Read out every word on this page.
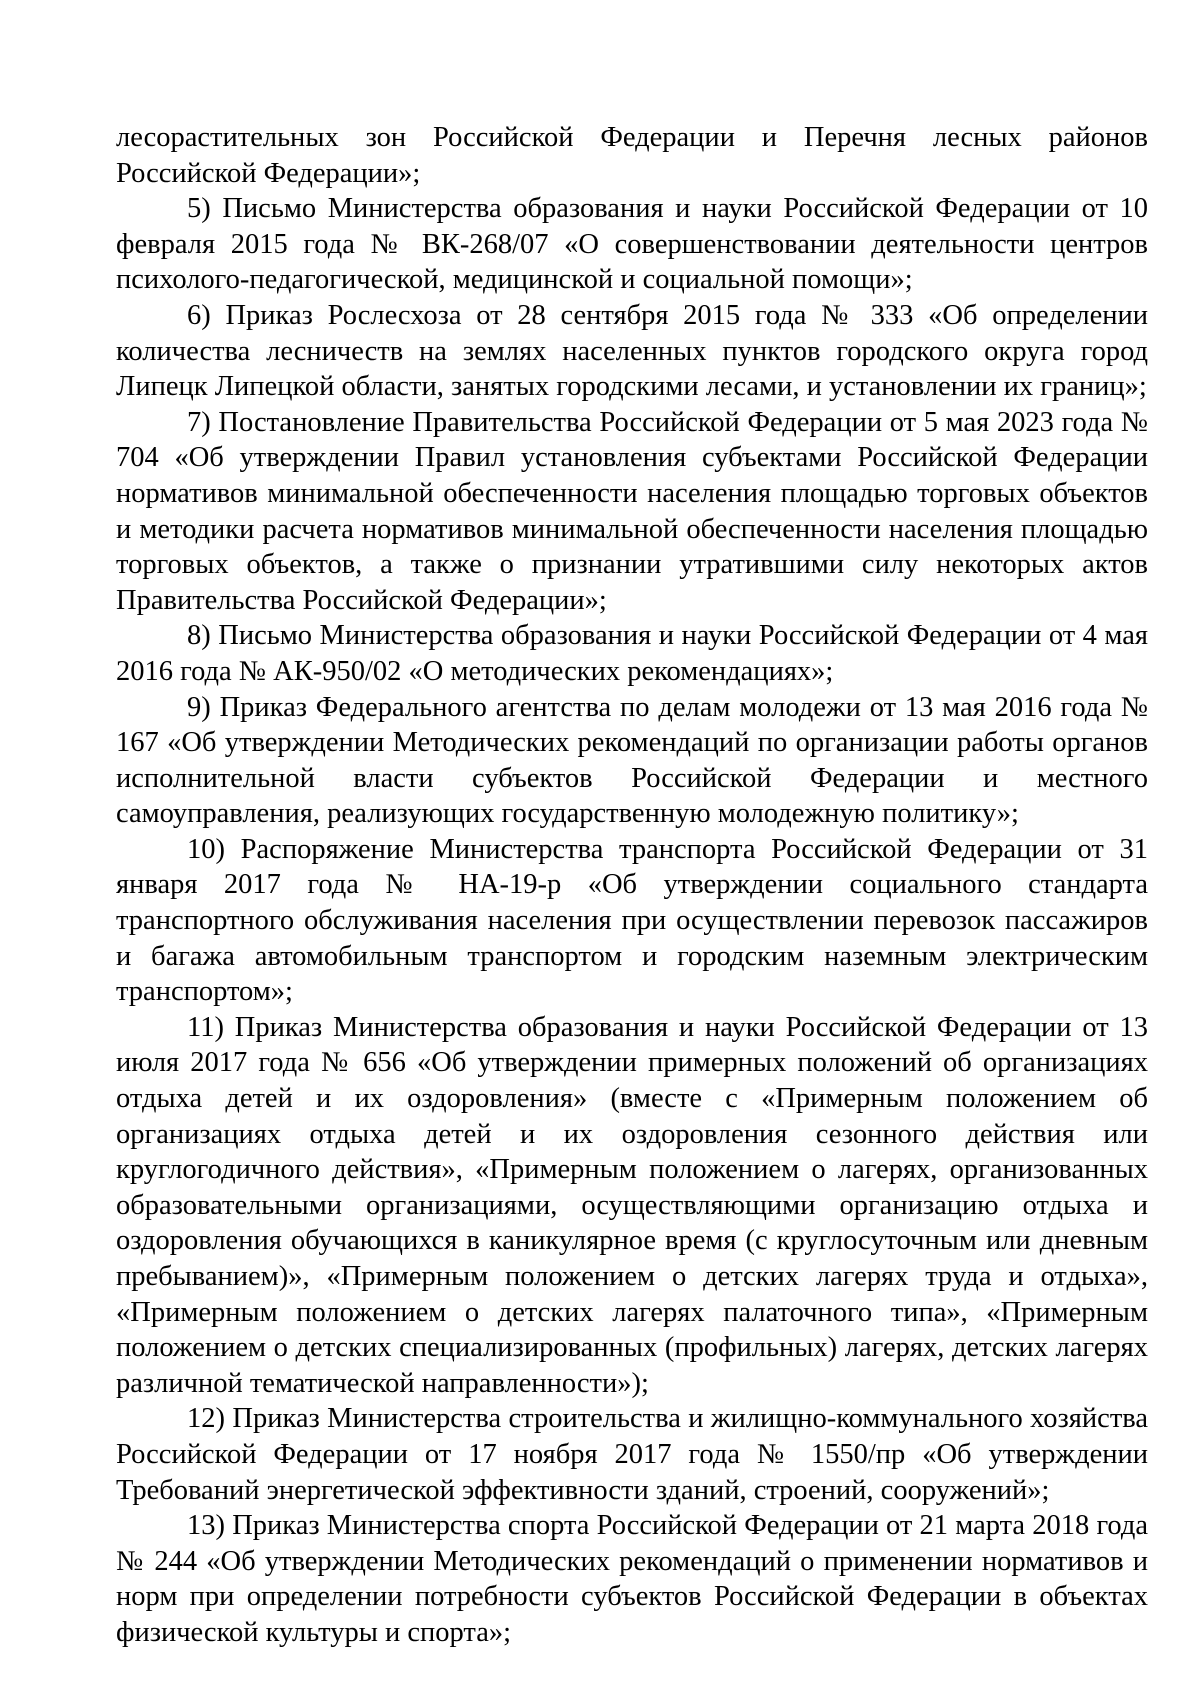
лесорастительных зон Российской Федерации и Перечня лесных районов Российской Федерации»;

5) Письмо Министерства образования и науки Российской Федерации от 10 февраля 2015 года № ВК-268/07 «О совершенствовании деятельности центров психолого-педагогической, медицинской и социальной помощи»;

6) Приказ Рослесхоза от 28 сентября 2015 года № 333 «Об определении количества лесничеств на землях населенных пунктов городского округа город Липецк Липецкой области, занятых городскими лесами, и установлении их границ»;

7) Постановление Правительства Российской Федерации от 5 мая 2023 года № 704 «Об утверждении Правил установления субъектами Российской Федерации нормативов минимальной обеспеченности населения площадью торговых объектов и методики расчета нормативов минимальной обеспеченности населения площадью торговых объектов, а также о признании утратившими силу некоторых актов Правительства Российской Федерации»;

8) Письмо Министерства образования и науки Российской Федерации от 4 мая 2016 года № АК-950/02 «О методических рекомендациях»;

9) Приказ Федерального агентства по делам молодежи от 13 мая 2016 года № 167 «Об утверждении Методических рекомендаций по организации работы органов исполнительной власти субъектов Российской Федерации и местного самоуправления, реализующих государственную молодежную политику»;

10) Распоряжение Министерства транспорта Российской Федерации от 31 января 2017 года № НА-19-р «Об утверждении социального стандарта транспортного обслуживания населения при осуществлении перевозок пассажиров и багажа автомобильным транспортом и городским наземным электрическим транспортом»;

11) Приказ Министерства образования и науки Российской Федерации от 13 июля 2017 года № 656 «Об утверждении примерных положений об организациях отдыха детей и их оздоровления» (вместе с «Примерным положением об организациях отдыха детей и их оздоровления сезонного действия или круглогодичного действия», «Примерным положением о лагерях, организованных образовательными организациями, осуществляющими организацию отдыха и оздоровления обучающихся в каникулярное время (с круглосуточным или дневным пребыванием)», «Примерным положением о детских лагерях труда и отдыха», «Примерным положением о детских лагерях палаточного типа», «Примерным положением о детских специализированных (профильных) лагерях, детских лагерях различной тематической направленности»);

12) Приказ Министерства строительства и жилищно-коммунального хозяйства Российской Федерации от 17 ноября 2017 года № 1550/пр «Об утверждении Требований энергетической эффективности зданий, строений, сооружений»;

13) Приказ Министерства спорта Российской Федерации от 21 марта 2018 года № 244 «Об утверждении Методических рекомендаций о применении нормативов и норм при определении потребности субъектов Российской Федерации в объектах физической культуры и спорта»;
